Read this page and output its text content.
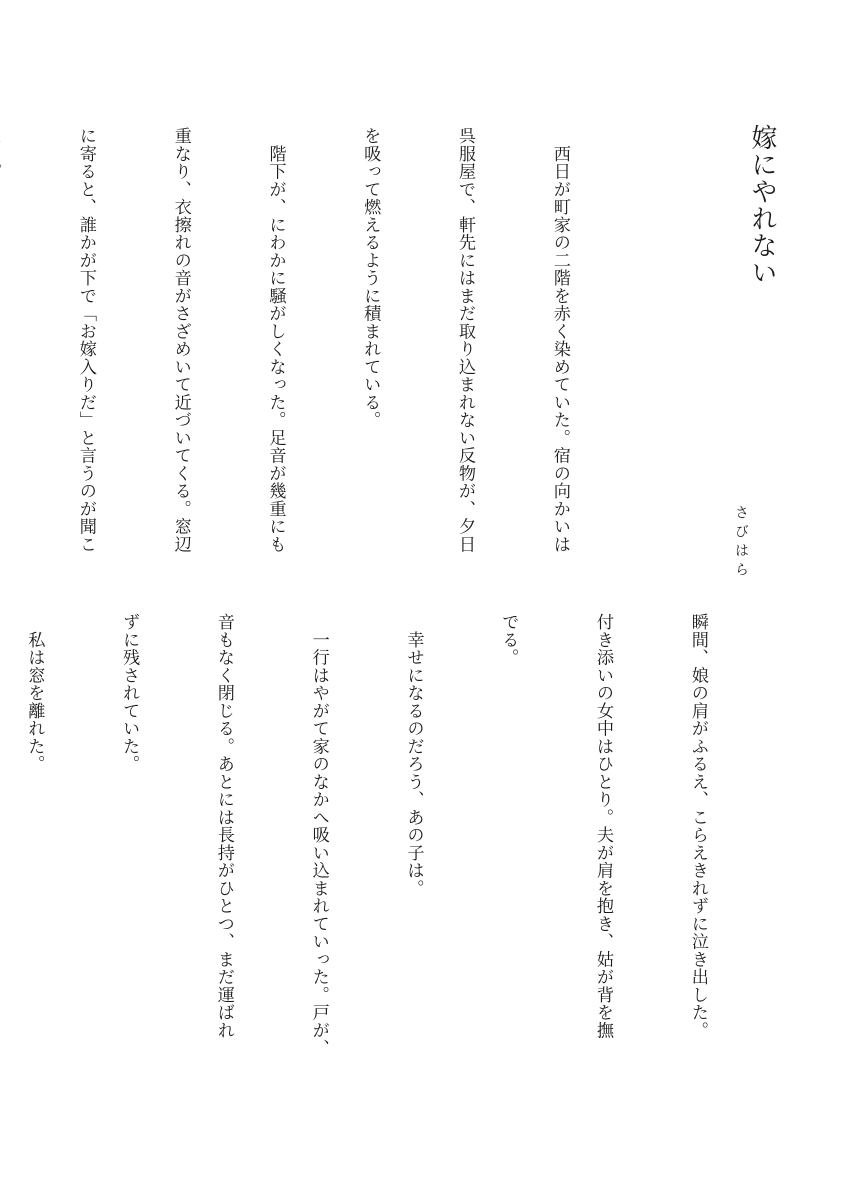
嫁にやれない
さびはら

　西日が町家の二階を赤く染めていた。宿の向かいは

呉服屋で、軒先にはまだ取り込まれない反物が、夕日

を吸って燃えるように積まれている。

　階下が、にわかに騒がしくなった。足音が幾重にも

重なり、衣擦れの音がさざめいて近づいてくる。窓辺

に寄ると、誰かが下で「お嫁入りだ」と言うのが聞こ

瞬間、娘の肩がふるえ、こらえきれずに泣き出した。

付き添いの女中はひとり。夫が肩を抱き、姑が背を撫

でる。

　幸せになるのだろう、あの子は。

　一行はやがて家のなかへ吸い込まれていった。戸が、

音もなく閉じる。あとには長持がひとつ、まだ運ばれ

ずに残されていた。

　私は窓を離れた。
